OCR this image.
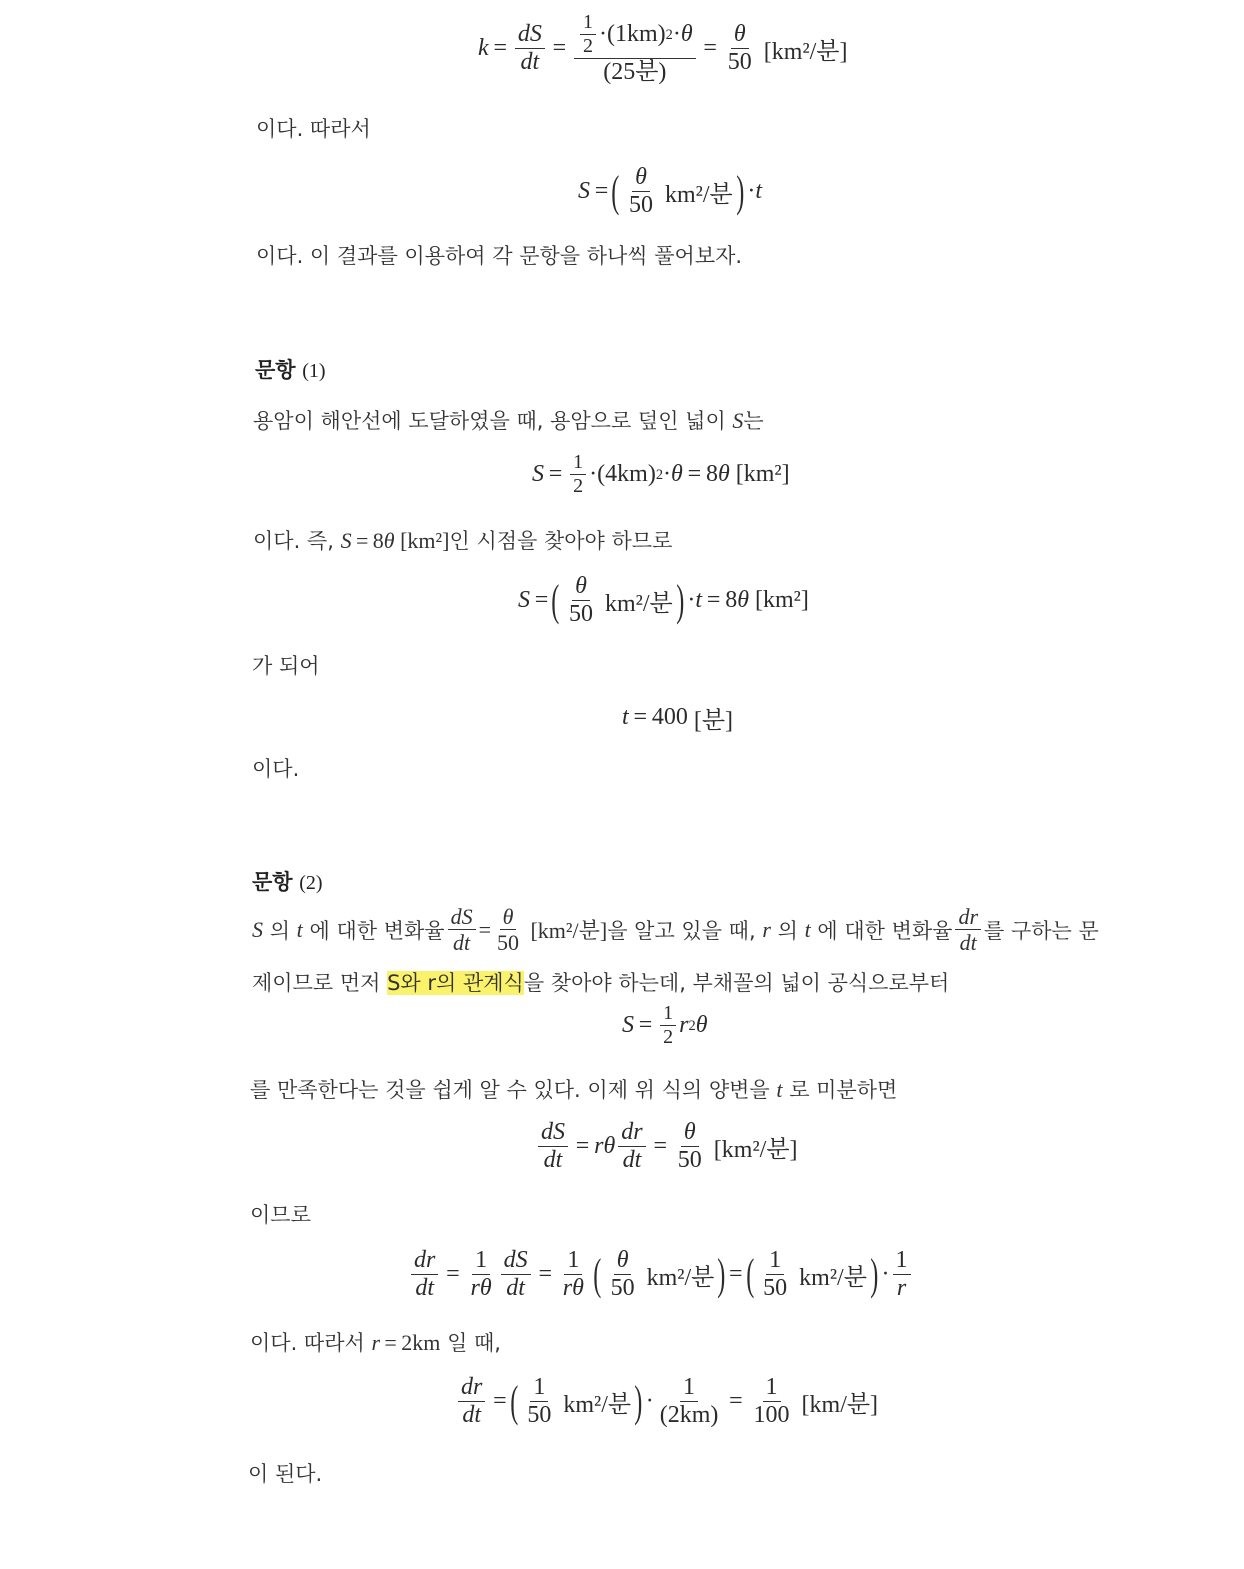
$k = \frac{dS}{dt} = \frac{\frac{1}{2} \cdot (1km) 2 \cdot \theta}{\text{(25분)}} = \frac{\theta}{50} [km^2/$분]
이다. 따라서
S  = ( $\frac{\theta}{50} km^2/$분 ) · t
이다. 이 결과를 이용하여 각 문항을 하나씩 풀어보자.
문항 (1)
용암이 해안선에 도달하였을 때, 용암으로 덮인 넓이 S는
$S = \frac{1}{2} \cdot (4km) 2 \cdot \theta = 8$ θ [km²]
이다. 즉, S = 8θ [km²]인 시점을 찾아야 하므로
S  = ( $\frac{\theta}{50} km^2/$분 ) · t  =  8 θ [km²]
가 되어
t  =  400 [분]
이다.
문항 (2)
S
의
t
에 대한 변화율 $\frac{dS}{dt} = \frac{\theta}{50}$
[km²/분] 을 알고 있을 때,
r
의
t
에 대한 변화율 $\frac{dr}{dt}$ 를 구하는 문
제이므로 먼저 S와 r의 관계식을 찾아야 하는데, 부채꼴의 넓이 공식으로부터
$S = \frac{1}{2}$ r 2 θ
를 만족한다는 것을 쉽게 알 수 있다. 이제 위 식의 양변을 t 로 미분하면
$\frac{dS}{dt} = r\theta \frac{dr}{dt} = \frac{\theta}{50} [km^2/$분]
이므로
$\frac{dr}{dt} = \frac{1}{r\theta} \frac{dS}{dt} = \frac{1}{r\theta}$ ( $\frac{\theta}{50} km^2/$분 ) = ( $\frac{1}{50} km^2/$분 ) · $\frac{1}{r}$
이다. 따라서 r = 2km 일 때,
$\frac{dr}{dt}$  = ( $\frac{1}{50} km^2/$분 ) · $\frac{1}{(2km)} = \frac{1}{100} [km/$분]
이 된다.
